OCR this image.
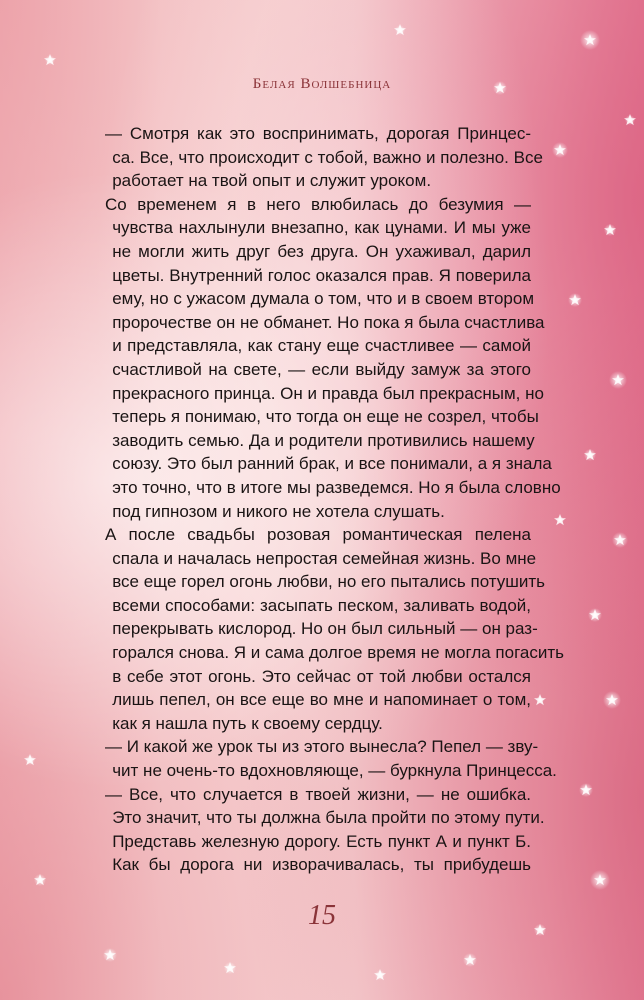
Белая Волшебница
— Смотря как это воспринимать, дорогая Принцес-
са. Все, что происходит с тобой, важно и полезно. Все
работает на твой опыт и служит уроком.
Со временем я в него влюбилась до безумия —
чувства нахлынули внезапно, как цунами. И мы уже
не могли жить друг без друга. Он ухаживал, дарил
цветы. Внутренний голос оказался прав. Я поверила
ему, но с ужасом думала о том, что и в своем втором
пророчестве он не обманет. Но пока я была счастлива
и представляла, как стану еще счастливее — самой
счастливой на свете, — если выйду замуж за этого
прекрасного принца. Он и правда был прекрасным, но
теперь я понимаю, что тогда он еще не созрел, чтобы
заводить семью. Да и родители противились нашему
союзу. Это был ранний брак, и все понимали, а я знала
это точно, что в итоге мы разведемся. Но я была словно
под гипнозом и никого не хотела слушать.
А после свадьбы розовая романтическая пелена
спала и началась непростая семейная жизнь. Во мне
все еще горел огонь любви, но его пытались потушить
всеми способами: засыпать песком, заливать водой,
перекрывать кислород. Но он был сильный — он раз-
горался снова. Я и сама долгое время не могла погасить
в себе этот огонь. Это сейчас от той любви остался
лишь пепел, он все еще во мне и напоминает о том,
как я нашла путь к своему сердцу.
— И какой же урок ты из этого вынесла? Пепел — зву-
чит не очень-то вдохновляюще, — буркнула Принцесса.
— Все, что случается в твоей жизни, — не ошибка.
Это значит, что ты должна была пройти по этому пути.
Представь железную дорогу. Есть пункт А и пункт Б.
Как бы дорога ни изворачивалась, ты прибудешь
15
